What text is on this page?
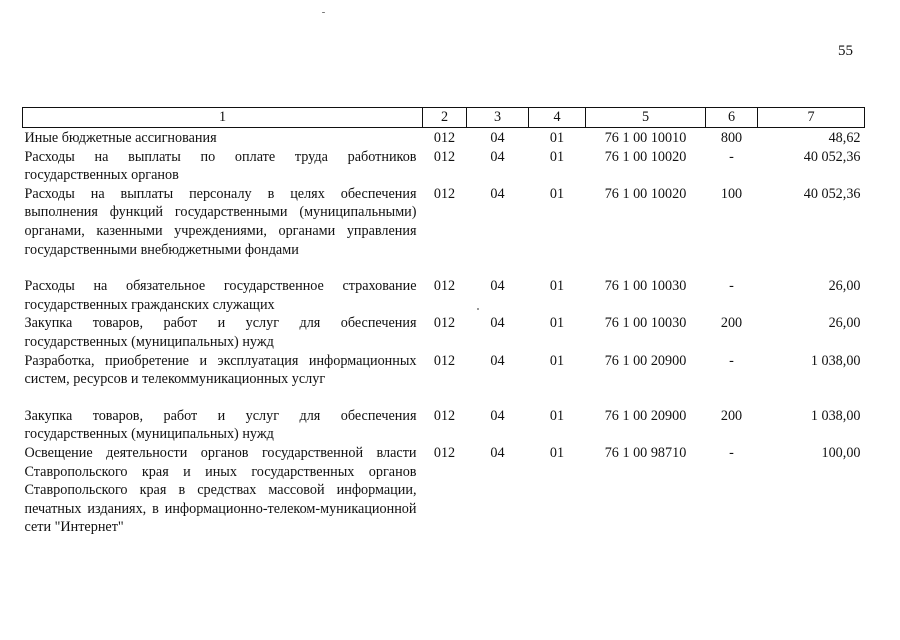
55
1	2	3	4	5	6	7
Иные бюджетные ассигнования	012	04	01	76 1 00 10010	800	48,62
Расходы на выплаты по оплате труда работников государственных органов	012	04	01	76 1 00 10020	-	40 052,36
Расходы на выплаты персоналу в целях обеспечения выполнения функций государственными (муниципальными) органами, казенными учреждениями, органами управления государственными внебюджетными фондами	012	04	01	76 1 00 10020	100	40 052,36
Расходы на обязательное государственное страхование государственных гражданских служащих	012	04	01	76 1 00 10030	-	26,00
Закупка товаров, работ и услуг для обеспечения государственных (муниципальных) нужд	012	04	01	76 1 00 10030	200	26,00
Разработка, приобретение и эксплуатация информационных систем, ресурсов и телекоммуникационных услуг	012	04	01	76 1 00 20900	-	1 038,00
Закупка товаров, работ и услуг для обеспечения государственных (муниципальных) нужд	012	04	01	76 1 00 20900	200	1 038,00
Освещение деятельности органов государственной власти Ставропольского края и иных государственных органов Ставропольского края в средствах массовой информации, печатных изданиях, в информационно-телеком-муникационной сети "Интернет"	012	04	01	76 1 00 98710	-	100,00
